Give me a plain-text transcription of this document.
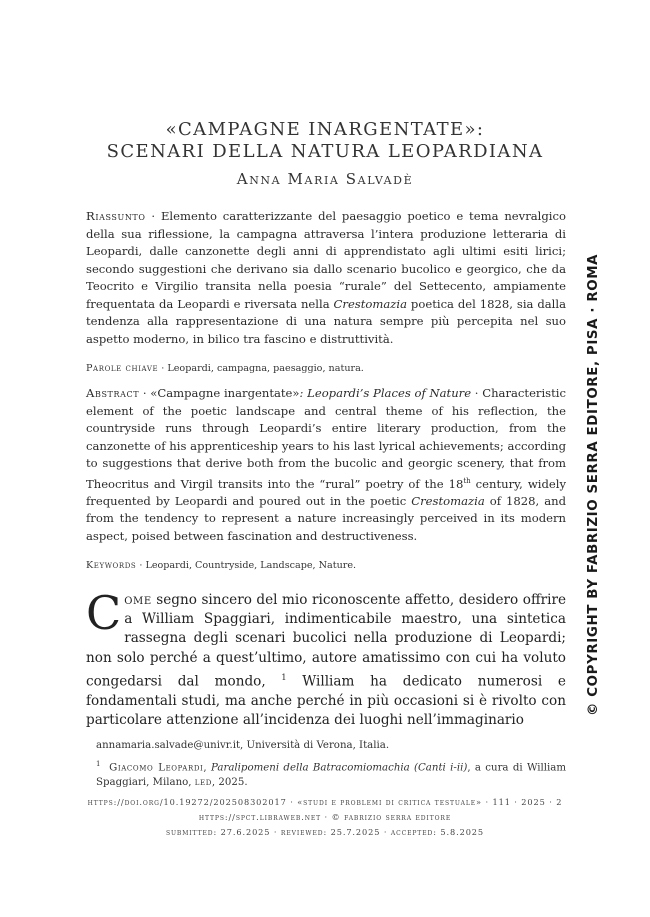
«CAMPAGNE INARGENTATE»:
SCENARI DELLA NATURA LEOPARDIANA
Anna Maria Salvadè
Riassunto · Elemento caratterizzante del paesaggio poetico e tema nevralgico della sua riflessione, la campagna attraversa l’intera produzione letteraria di Leopardi, dalle canzonette degli anni di apprendistato agli ultimi esiti lirici; secondo suggestioni che derivano sia dallo scenario bucolico e georgico, che da Teocrito e Virgilio transita nella poesia “rurale” del Settecento, ampiamente frequentata da Leopardi e riversata nella Crestomazia poetica del 1828, sia dalla tendenza alla rappresentazione di una natura sempre più percepita nel suo aspetto moderno, in bilico tra fascino e distruttività.
Parole chiave · Leopardi, campagna, paesaggio, natura.
Abstract · «Campagne inargentate»: Leopardi’s Places of Nature · Characteristic element of the poetic landscape and central theme of his reflection, the countryside runs through Leopardi’s entire literary production, from the canzonette of his apprenticeship years to his last lyrical achievements; according to suggestions that derive both from the bucolic and georgic scenery, that from Theocritus and Virgil transits into the “rural” poetry of the 18th century, widely frequented by Leopardi and poured out in the poetic Crestomazia of 1828, and from the tendency to represent a nature increasingly perceived in its modern aspect, poised between fascination and destructiveness.
Keywords · Leopardi, Countryside, Landscape, Nature.
Come segno sincero del mio riconoscente affetto, desidero offrire a William Spaggiari, indimenticabile maestro, una sintetica rassegna degli scenari bucolici nella produzione di Leopardi; non solo perché a quest’ultimo, autore amatissimo con cui ha voluto congedarsi dal mondo, $^1$ William ha dedicato numerosi e fondamentali studi, ma anche perché in più occasioni si è rivolto con particolare attenzione all’incidenza dei luoghi nell’immaginario
annamaria.salvade@univr.it, Università di Verona, Italia.
$^1$ Giacomo Leopardi, Paralipomeni della Batracomiomachia (Canti i-ii), a cura di William Spaggiari, Milano, led, 2025.
https://doi.org/10.19272/202508302017 · «studi e problemi di critica testuale» · 111 · 2025 · 2
https://spct.libraweb.net · © fabrizio serra editore
submitted: 27.6.2025 · reviewed: 25.7.2025 · accepted: 5.8.2025
© COPYRIGHT BY FABRIZIO SERRA EDITORE, PISA · ROMA
